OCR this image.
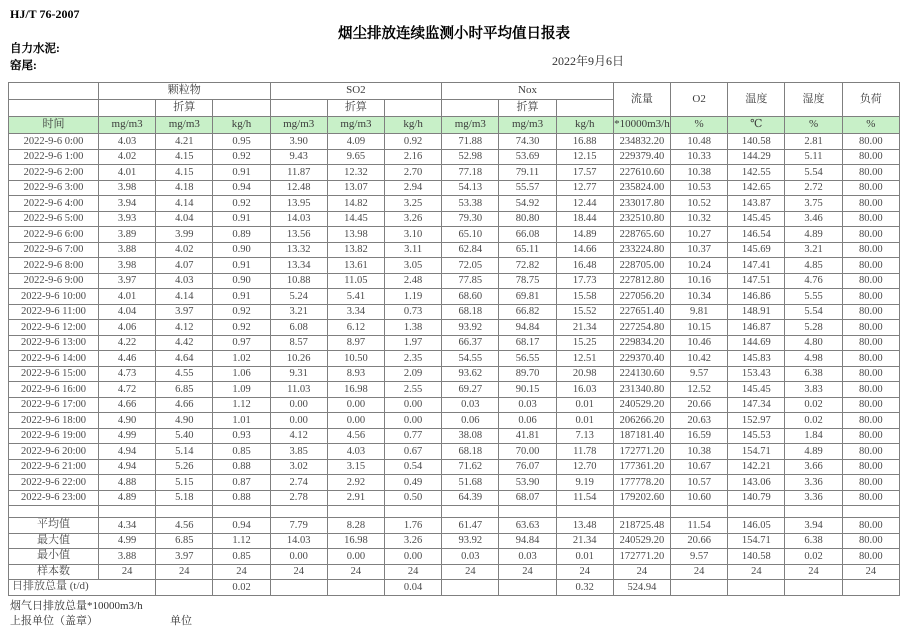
HJ/T 76-2007
烟尘排放连续监测小时平均值日报表
自力水泥:
窑尾:	2022年9月6日
	颗粒物			SO2			Nox			流量	O2	温度	湿度	负荷
		折算			折算			折算						
时间	mg/m3	mg/m3	kg/h	mg/m3	mg/m3	kg/h	mg/m3	mg/m3	kg/h	*10000m3/h	%	℃	%	%
2022-9-6 0:00	4.03	4.21	0.95	3.90	4.09	0.92	71.88	74.30	16.88	234832.20	10.48	140.58	2.81	80.00
2022-9-6 1:00	4.02	4.15	0.92	9.43	9.65	2.16	52.98	53.69	12.15	229379.40	10.33	144.29	5.11	80.00
2022-9-6 2:00	4.01	4.15	0.91	11.87	12.32	2.70	77.18	79.11	17.57	227610.60	10.38	142.55	5.54	80.00
2022-9-6 3:00	3.98	4.18	0.94	12.48	13.07	2.94	54.13	55.57	12.77	235824.00	10.53	142.65	2.72	80.00
2022-9-6 4:00	3.94	4.14	0.92	13.95	14.82	3.25	53.38	54.92	12.44	233017.80	10.52	143.87	3.75	80.00
2022-9-6 5:00	3.93	4.04	0.91	14.03	14.45	3.26	79.30	80.80	18.44	232510.80	10.32	145.45	3.46	80.00
2022-9-6 6:00	3.89	3.99	0.89	13.56	13.98	3.10	65.10	66.08	14.89	228765.60	10.27	146.54	4.89	80.00
2022-9-6 7:00	3.88	4.02	0.90	13.32	13.82	3.11	62.84	65.11	14.66	233224.80	10.37	145.69	3.21	80.00
2022-9-6 8:00	3.98	4.07	0.91	13.34	13.61	3.05	72.05	72.82	16.48	228705.00	10.24	147.41	4.85	80.00
2022-9-6 9:00	3.97	4.03	0.90	10.88	11.05	2.48	77.85	78.75	17.73	227812.80	10.16	147.51	4.76	80.00
2022-9-6 10:00	4.01	4.14	0.91	5.24	5.41	1.19	68.60	69.81	15.58	227056.20	10.34	146.86	5.55	80.00
2022-9-6 11:00	4.04	3.97	0.92	3.21	3.34	0.73	68.18	66.82	15.52	227651.40	9.81	148.91	5.54	80.00
2022-9-6 12:00	4.06	4.12	0.92	6.08	6.12	1.38	93.92	94.84	21.34	227254.80	10.15	146.87	5.28	80.00
2022-9-6 13:00	4.22	4.42	0.97	8.57	8.97	1.97	66.37	68.17	15.25	229834.20	10.46	144.69	4.80	80.00
2022-9-6 14:00	4.46	4.64	1.02	10.26	10.50	2.35	54.55	56.55	12.51	229370.40	10.42	145.83	4.98	80.00
2022-9-6 15:00	4.73	4.55	1.06	9.31	8.93	2.09	93.62	89.70	20.98	224130.60	9.57	153.43	6.38	80.00
2022-9-6 16:00	4.72	6.85	1.09	11.03	16.98	2.55	69.27	90.15	16.03	231340.80	12.52	145.45	3.83	80.00
2022-9-6 17:00	4.66	4.66	1.12	0.00	0.00	0.00	0.03	0.03	0.01	240529.20	20.66	147.34	0.02	80.00
2022-9-6 18:00	4.90	4.90	1.01	0.00	0.00	0.00	0.06	0.06	0.01	206266.20	20.63	152.97	0.02	80.00
2022-9-6 19:00	4.99	5.40	0.93	4.12	4.56	0.77	38.08	41.81	7.13	187181.40	16.59	145.53	1.84	80.00
2022-9-6 20:00	4.94	5.14	0.85	3.85	4.03	0.67	68.18	70.00	11.78	172771.20	10.38	154.71	4.89	80.00
2022-9-6 21:00	4.94	5.26	0.88	3.02	3.15	0.54	71.62	76.07	12.70	177361.20	10.67	142.21	3.66	80.00
2022-9-6 22:00	4.88	5.15	0.87	2.74	2.92	0.49	51.68	53.90	9.19	177778.20	10.57	143.06	3.36	80.00
2022-9-6 23:00	4.89	5.18	0.88	2.78	2.91	0.50	64.39	68.07	11.54	179202.60	10.60	140.79	3.36	80.00

平均值	4.34	4.56	0.94	7.79	8.28	1.76	61.47	63.63	13.48	218725.48	11.54	146.05	3.94	80.00
最大值	4.99	6.85	1.12	14.03	16.98	3.26	93.92	94.84	21.34	240529.20	20.66	154.71	6.38	80.00
最小值	3.88	3.97	0.85	0.00	0.00	0.00	0.03	0.03	0.01	172771.20	9.57	140.58	0.02	80.00
样本数	24	24	24	24	24	24	24	24	24	24	24	24	24	24
日排放总量 (t/d)			0.02			0.04			0.32	524.94				
烟气日排放总量*10000m3/h
上报单位（盖章）	单位
